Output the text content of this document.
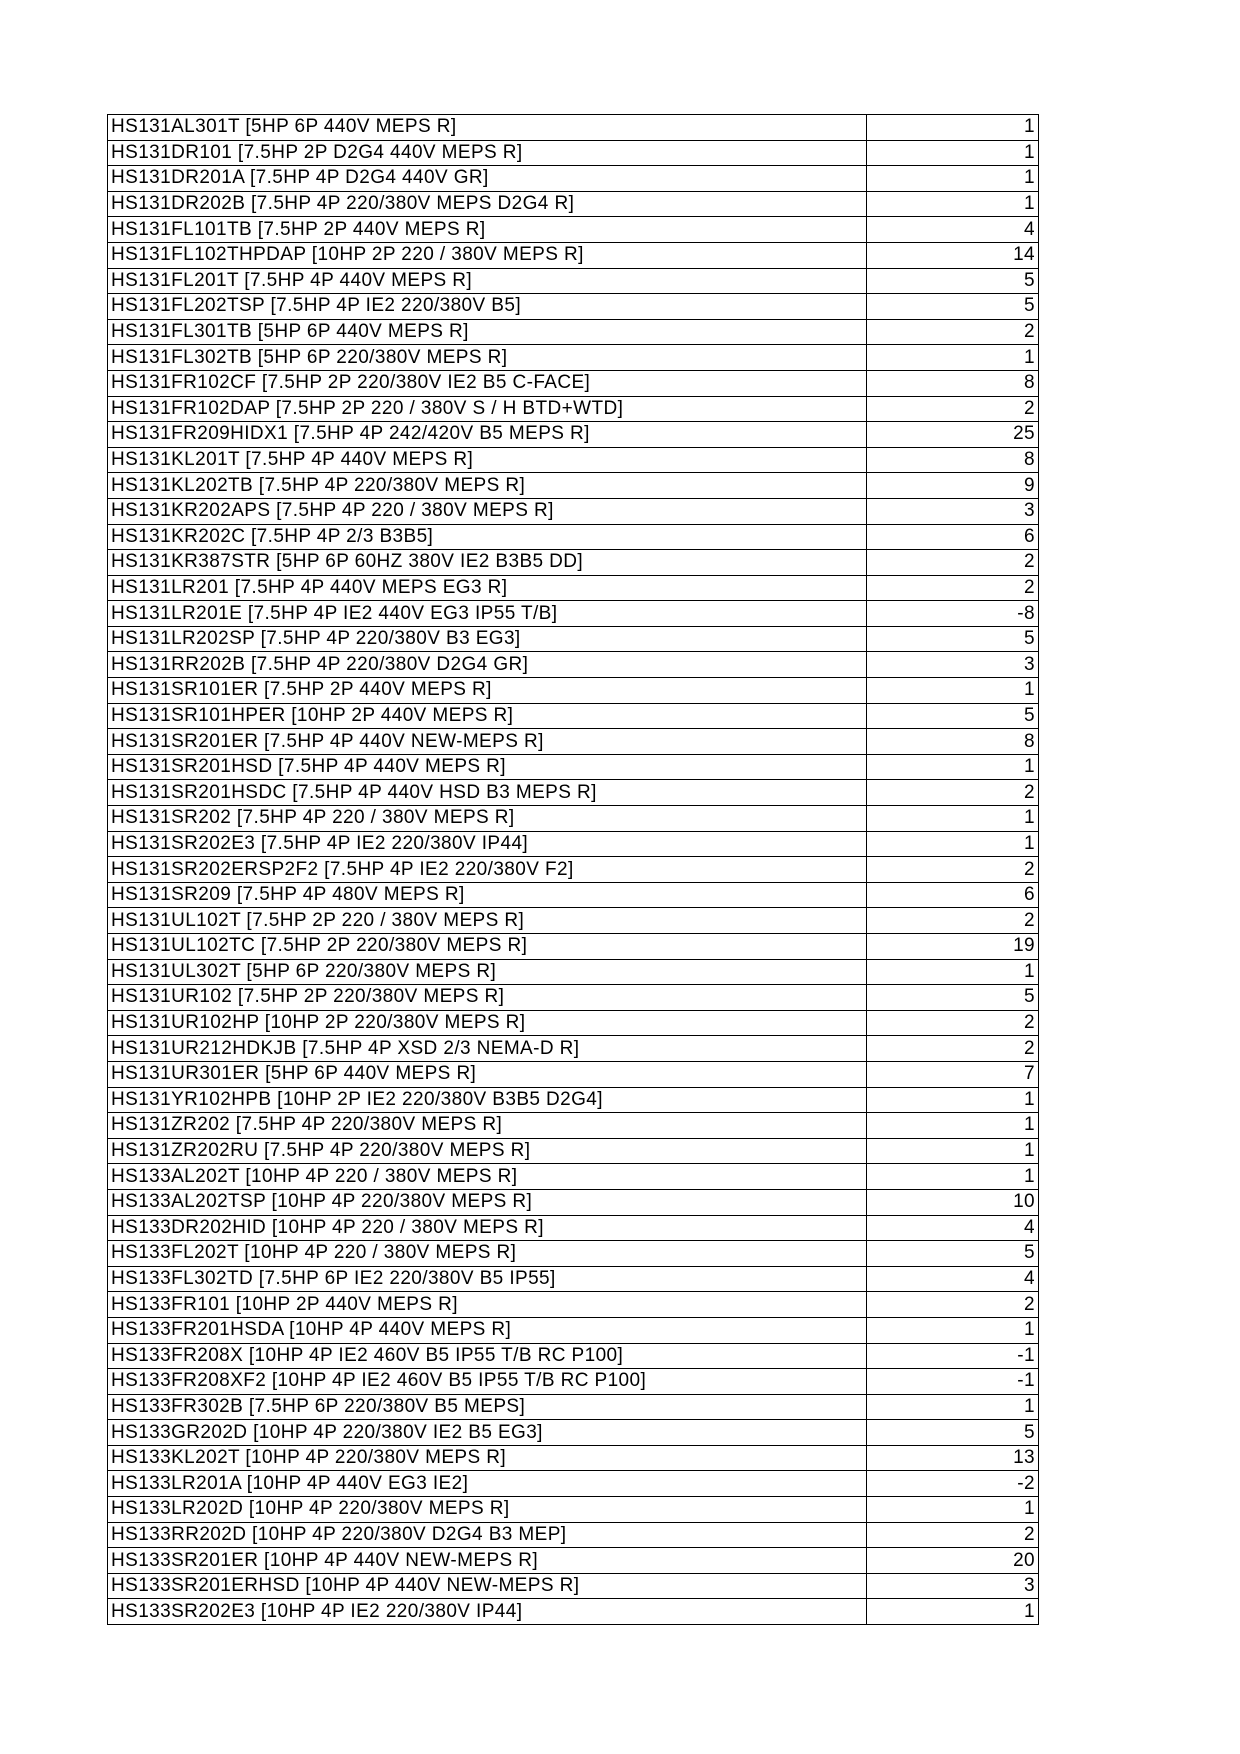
HS131AL301T [5HP 6P 440V MEPS R]	1
HS131DR101 [7.5HP 2P D2G4 440V MEPS R]	1
HS131DR201A [7.5HP 4P D2G4 440V GR]	1
HS131DR202B [7.5HP 4P 220/380V MEPS D2G4 R]	1
HS131FL101TB [7.5HP 2P 440V MEPS R]	4
HS131FL102THPDAP [10HP 2P 220 / 380V MEPS R]	14
HS131FL201T [7.5HP 4P 440V MEPS R]	5
HS131FL202TSP [7.5HP 4P IE2 220/380V B5]	5
HS131FL301TB [5HP 6P 440V MEPS R]	2
HS131FL302TB [5HP 6P 220/380V MEPS R]	1
HS131FR102CF [7.5HP 2P 220/380V IE2 B5 C-FACE]	8
HS131FR102DAP [7.5HP 2P 220 / 380V S / H BTD+WTD]	2
HS131FR209HIDX1 [7.5HP 4P 242/420V B5 MEPS R]	25
HS131KL201T [7.5HP 4P 440V MEPS R]	8
HS131KL202TB [7.5HP 4P 220/380V MEPS R]	9
HS131KR202APS [7.5HP 4P 220 / 380V MEPS R]	3
HS131KR202C [7.5HP 4P 2/3 B3B5]	6
HS131KR387STR [5HP 6P 60HZ 380V IE2 B3B5 DD]	2
HS131LR201 [7.5HP 4P 440V MEPS EG3 R]	2
HS131LR201E [7.5HP 4P IE2 440V EG3 IP55 T/B]	-8
HS131LR202SP [7.5HP 4P 220/380V B3 EG3]	5
HS131RR202B [7.5HP 4P 220/380V D2G4 GR]	3
HS131SR101ER [7.5HP 2P 440V MEPS R]	1
HS131SR101HPER [10HP 2P 440V MEPS R]	5
HS131SR201ER [7.5HP 4P 440V NEW-MEPS R]	8
HS131SR201HSD [7.5HP 4P 440V MEPS R]	1
HS131SR201HSDC [7.5HP 4P 440V HSD B3 MEPS R]	2
HS131SR202 [7.5HP 4P 220 / 380V MEPS R]	1
HS131SR202E3 [7.5HP 4P IE2 220/380V IP44]	1
HS131SR202ERSP2F2 [7.5HP 4P IE2 220/380V F2]	2
HS131SR209 [7.5HP 4P 480V MEPS R]	6
HS131UL102T [7.5HP 2P 220 / 380V MEPS R]	2
HS131UL102TC [7.5HP 2P 220/380V MEPS R]	19
HS131UL302T [5HP 6P 220/380V MEPS R]	1
HS131UR102 [7.5HP 2P 220/380V MEPS R]	5
HS131UR102HP [10HP 2P 220/380V MEPS R]	2
HS131UR212HDKJB [7.5HP 4P XSD 2/3 NEMA-D R]	2
HS131UR301ER [5HP 6P 440V MEPS R]	7
HS131YR102HPB [10HP 2P IE2 220/380V B3B5 D2G4]	1
HS131ZR202 [7.5HP 4P 220/380V MEPS R]	1
HS131ZR202RU [7.5HP 4P 220/380V MEPS R]	1
HS133AL202T [10HP 4P 220 / 380V MEPS R]	1
HS133AL202TSP [10HP 4P 220/380V MEPS R]	10
HS133DR202HID [10HP 4P 220 / 380V MEPS R]	4
HS133FL202T [10HP 4P 220 / 380V MEPS R]	5
HS133FL302TD [7.5HP 6P IE2 220/380V B5 IP55]	4
HS133FR101 [10HP 2P 440V MEPS R]	2
HS133FR201HSDA [10HP 4P 440V MEPS R]	1
HS133FR208X [10HP 4P IE2 460V B5 IP55 T/B RC P100]	-1
HS133FR208XF2 [10HP 4P IE2 460V B5 IP55 T/B RC P100]	-1
HS133FR302B [7.5HP 6P 220/380V B5 MEPS]	1
HS133GR202D [10HP 4P 220/380V IE2 B5 EG3]	5
HS133KL202T [10HP 4P 220/380V MEPS R]	13
HS133LR201A [10HP 4P 440V EG3 IE2]	-2
HS133LR202D [10HP 4P 220/380V MEPS R]	1
HS133RR202D [10HP 4P 220/380V D2G4 B3 MEP]	2
HS133SR201ER [10HP 4P 440V NEW-MEPS R]	20
HS133SR201ERHSD [10HP 4P 440V NEW-MEPS R]	3
HS133SR202E3 [10HP 4P IE2 220/380V IP44]	1
